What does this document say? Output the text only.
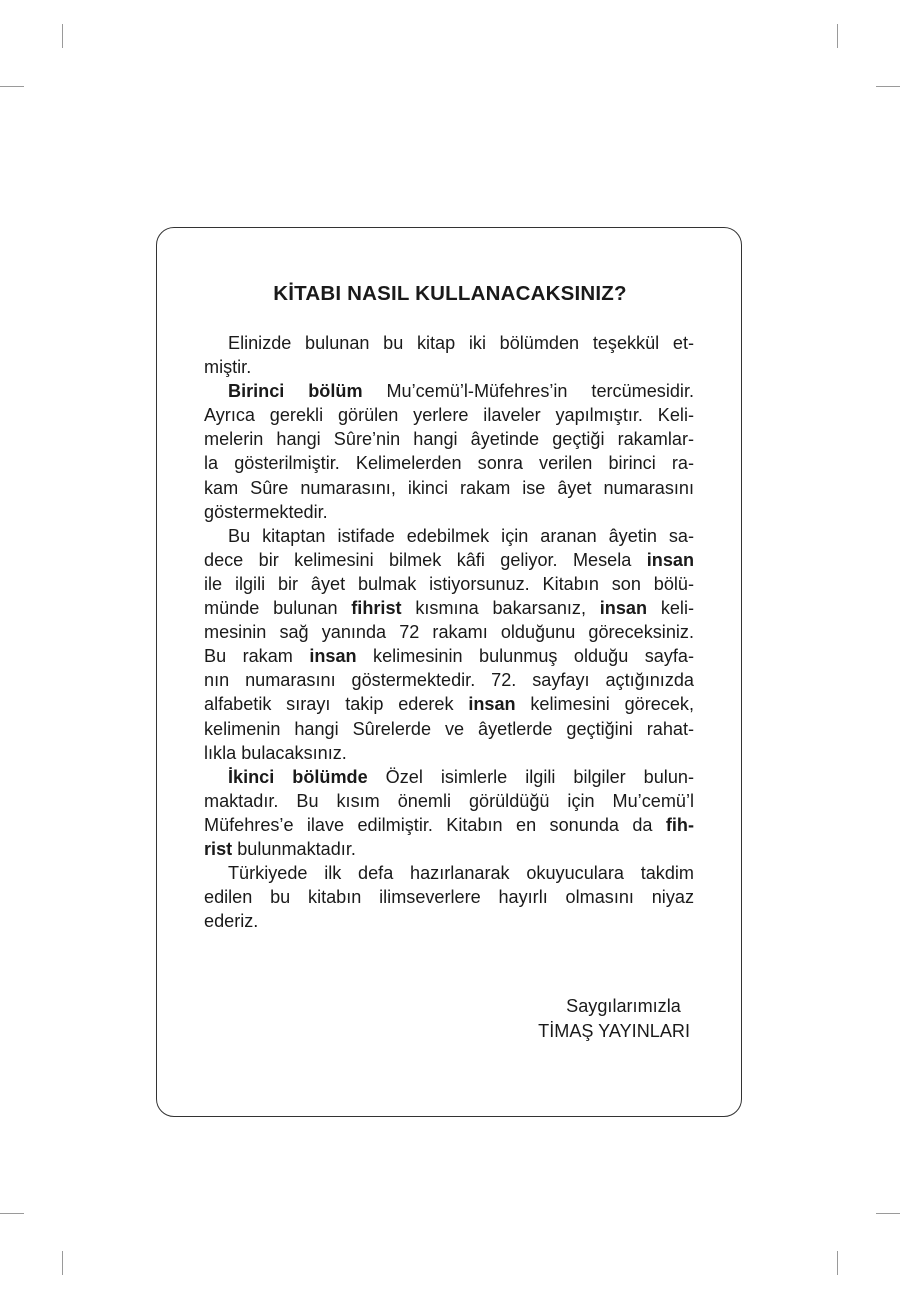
KİTABI NASIL KULLANACAKSINIZ?

Elinizde bulunan bu kitap iki bölümden teşekkül et-
miştir.

Birinci bölüm Mu’cemü’l-Müfehres’in tercümesidir.
Ayrıca gerekli görülen yerlere ilaveler yapılmıştır. Keli-
melerin hangi Sûre’nin hangi âyetinde geçtiği rakamlar-
la gösterilmiştir. Kelimelerden sonra verilen birinci ra-
kam Sûre numarasını, ikinci rakam ise âyet numarasını
göstermektedir.

Bu kitaptan istifade edebilmek için aranan âyetin sa-
dece bir kelimesini bilmek kâfi geliyor. Mesela insan
ile ilgili bir âyet bulmak istiyorsunuz. Kitabın son bölü-
münde bulunan fihrist kısmına bakarsanız, insan keli-
mesinin sağ yanında 72 rakamı olduğunu göreceksiniz.
Bu rakam insan kelimesinin bulunmuş olduğu sayfa-
nın numarasını göstermektedir. 72. sayfayı açtığınızda
alfabetik sırayı takip ederek insan kelimesini görecek,
kelimenin hangi Sûrelerde ve âyetlerde geçtiğini rahat-
lıkla bulacaksınız.

İkinci bölümde Özel isimlerle ilgili bilgiler bulun-
maktadır. Bu kısım önemli görüldüğü için Mu’cemü’l
Müfehres’e ilave edilmiştir. Kitabın en sonunda da fih-
rist bulunmaktadır.

Türkiyede ilk defa hazırlanarak okuyuculara takdim
edilen bu kitabın ilimseverlere hayırlı olmasını niyaz
ederiz.

Saygılarımızla
TİMAŞ YAYINLARI
